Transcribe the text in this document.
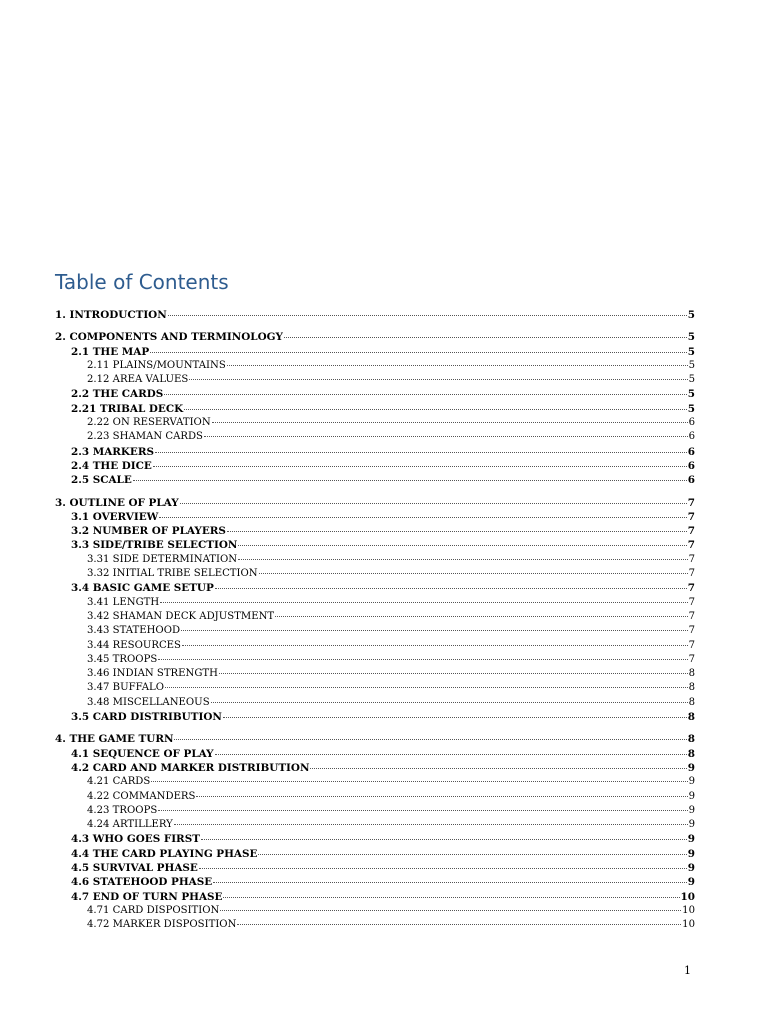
Table of Contents
1. INTRODUCTION	5
2. COMPONENTS AND TERMINOLOGY	5
2.1 THE MAP	5
2.11 PLAINS/MOUNTAINS	5
2.12 AREA VALUES	5
2.2 THE CARDS	5
2.21 TRIBAL DECK	5
2.22 ON RESERVATION	6
2.23 SHAMAN CARDS	6
2.3 MARKERS	6
2.4 THE DICE	6
2.5 SCALE	6
3. OUTLINE OF PLAY	7
3.1 OVERVIEW	7
3.2 NUMBER OF PLAYERS	7
3.3 SIDE/TRIBE SELECTION	7
3.31 SIDE DETERMINATION	7
3.32 INITIAL TRIBE SELECTION	7
3.4 BASIC GAME SETUP	7
3.41 LENGTH	7
3.42 SHAMAN DECK ADJUSTMENT	7
3.43 STATEHOOD	7
3.44 RESOURCES	7
3.45 TROOPS	7
3.46 INDIAN STRENGTH	8
3.47 BUFFALO	8
3.48 MISCELLANEOUS	8
3.5 CARD DISTRIBUTION	8
4. THE GAME TURN	8
4.1 SEQUENCE OF PLAY	8
4.2 CARD AND MARKER DISTRIBUTION	9
4.21 CARDS	9
4.22 COMMANDERS	9
4.23 TROOPS	9
4.24 ARTILLERY	9
4.3 WHO GOES FIRST	9
4.4 THE CARD PLAYING PHASE	9
4.5 SURVIVAL PHASE	9
4.6 STATEHOOD PHASE	9
4.7 END OF TURN PHASE	10
4.71 CARD DISPOSITION	10
4.72 MARKER DISPOSITION	10
1
